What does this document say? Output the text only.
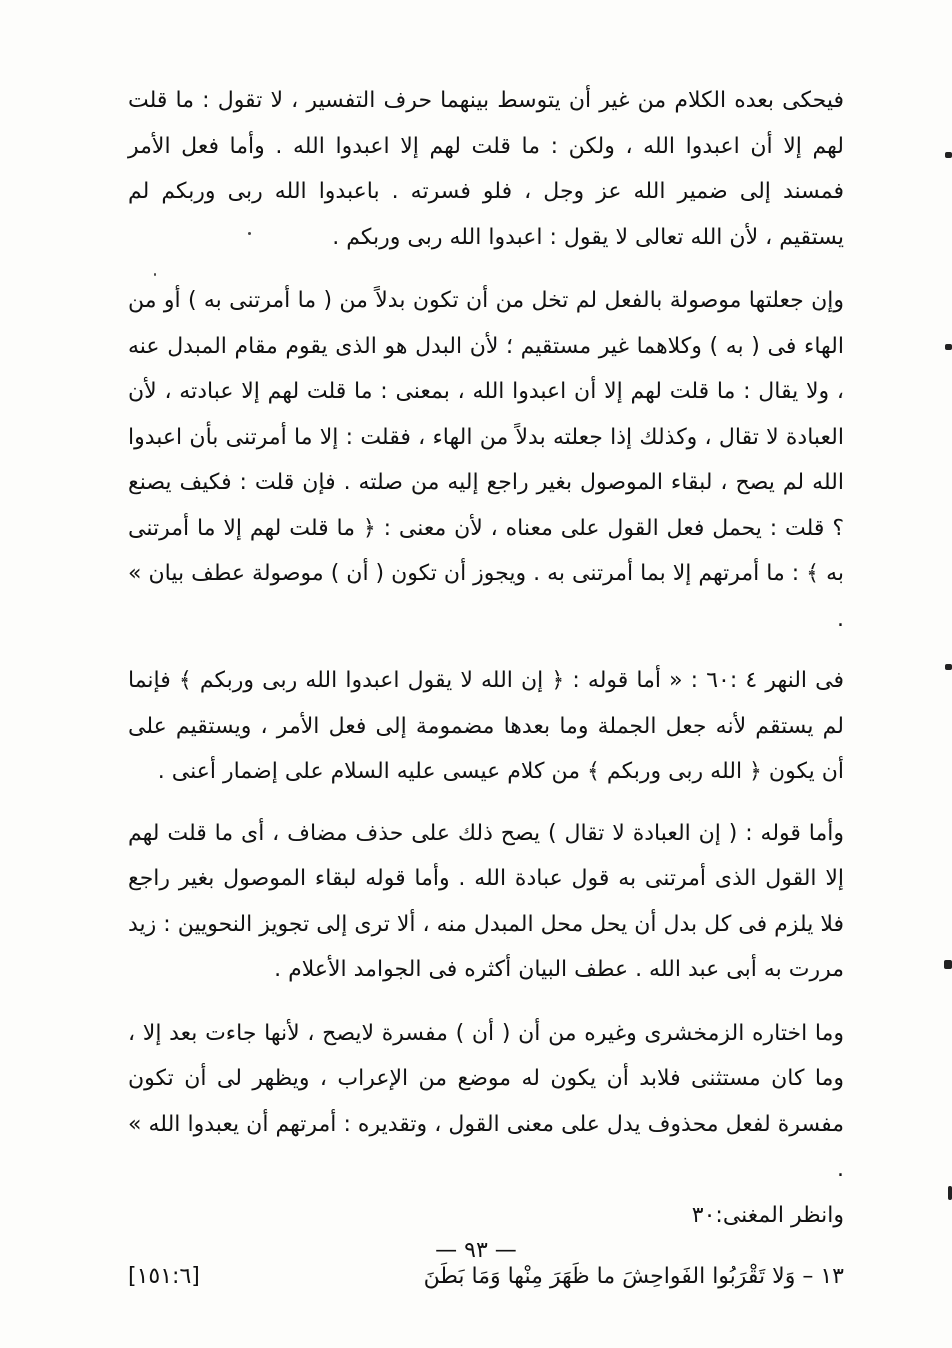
فيحكى بعده الكلام من غير أن يتوسط بينهما حرف التفسير ، لا تقول : ما قلت لهم إلا أن اعبدوا الله ، ولكن : ما قلت لهم إلا اعبدوا الله . وأما فعل الأمر فمسند إلى ضمير الله عز وجل ، فلو فسرته . باعبدوا الله ربى وربكم لم يستقيم ، لأن الله تعالى لا يقول : اعبدوا الله ربى وربكم .

وإن جعلتها موصولة بالفعل لم تخل من أن تكون بدلاً من ( ما أمرتنى به ) أو من الهاء فى ( به ) وكلاهما غير مستقيم ؛ لأن البدل هو الذى يقوم مقام المبدل عنه ، ولا يقال : ما قلت لهم إلا أن اعبدوا الله ، بمعنى : ما قلت لهم إلا عبادته ، لأن العبادة لا تقال ، وكذلك إذا جعلته بدلاً من الهاء ، فقلت : إلا ما أمرتنى بأن اعبدوا الله لم يصح ، لبقاء الموصول بغير راجع إليه من صلته . فإن قلت : فكيف يصنع ؟ قلت : يحمل فعل القول على معناه ، لأن معنى : ﴿ ما قلت لهم إلا ما أمرتنى به ﴾ : ما أمرتهم إلا بما أمرتنى به . ويجوز أن تكون ( أن ) موصولة عطف بيان » .

فى النهر ٤ :٦٠ : « أما قوله : ﴿ إن الله لا يقول اعبدوا الله ربى وربكم ﴾ فإنما لم يستقم لأنه جعل الجملة وما بعدها مضمومة إلى فعل الأمر ، ويستقيم على أن يكون ﴿ الله ربى وربكم ﴾ من كلام عيسى عليه السلام على إضمار أعنى .

وأما قوله : ( إن العبادة لا تقال ) يصح ذلك على حذف مضاف ، أى ما قلت لهم إلا القول الذى أمرتنى به قول عبادة الله . وأما قوله لبقاء الموصول بغير راجع فلا يلزم فى كل بدل أن يحل محل المبدل منه ، ألا ترى إلى تجويز النحويين : زيد مررت به أبى عبد الله . عطف البيان أكثره فى الجوامد الأعلام .

وما اختاره الزمخشرى وغيره من أن ( أن ) مفسرة لايصح ، لأنها جاءت بعد إلا ، وما كان مستثنى فلابد أن يكون له موضع من الإعراب ، ويظهر لى أن تكون مفسرة لفعل محذوف يدل على معنى القول ، وتقديره : أمرتهم أن يعبدوا الله » .

وانظر المغنى:٣٠

١٣ – وَلا تَقْرَبُوا الفَواحِشَ ما ظَهَرَ مِنْها وَمَا بَطَنَ
[١٥١:٦]
— ٩٣ —
